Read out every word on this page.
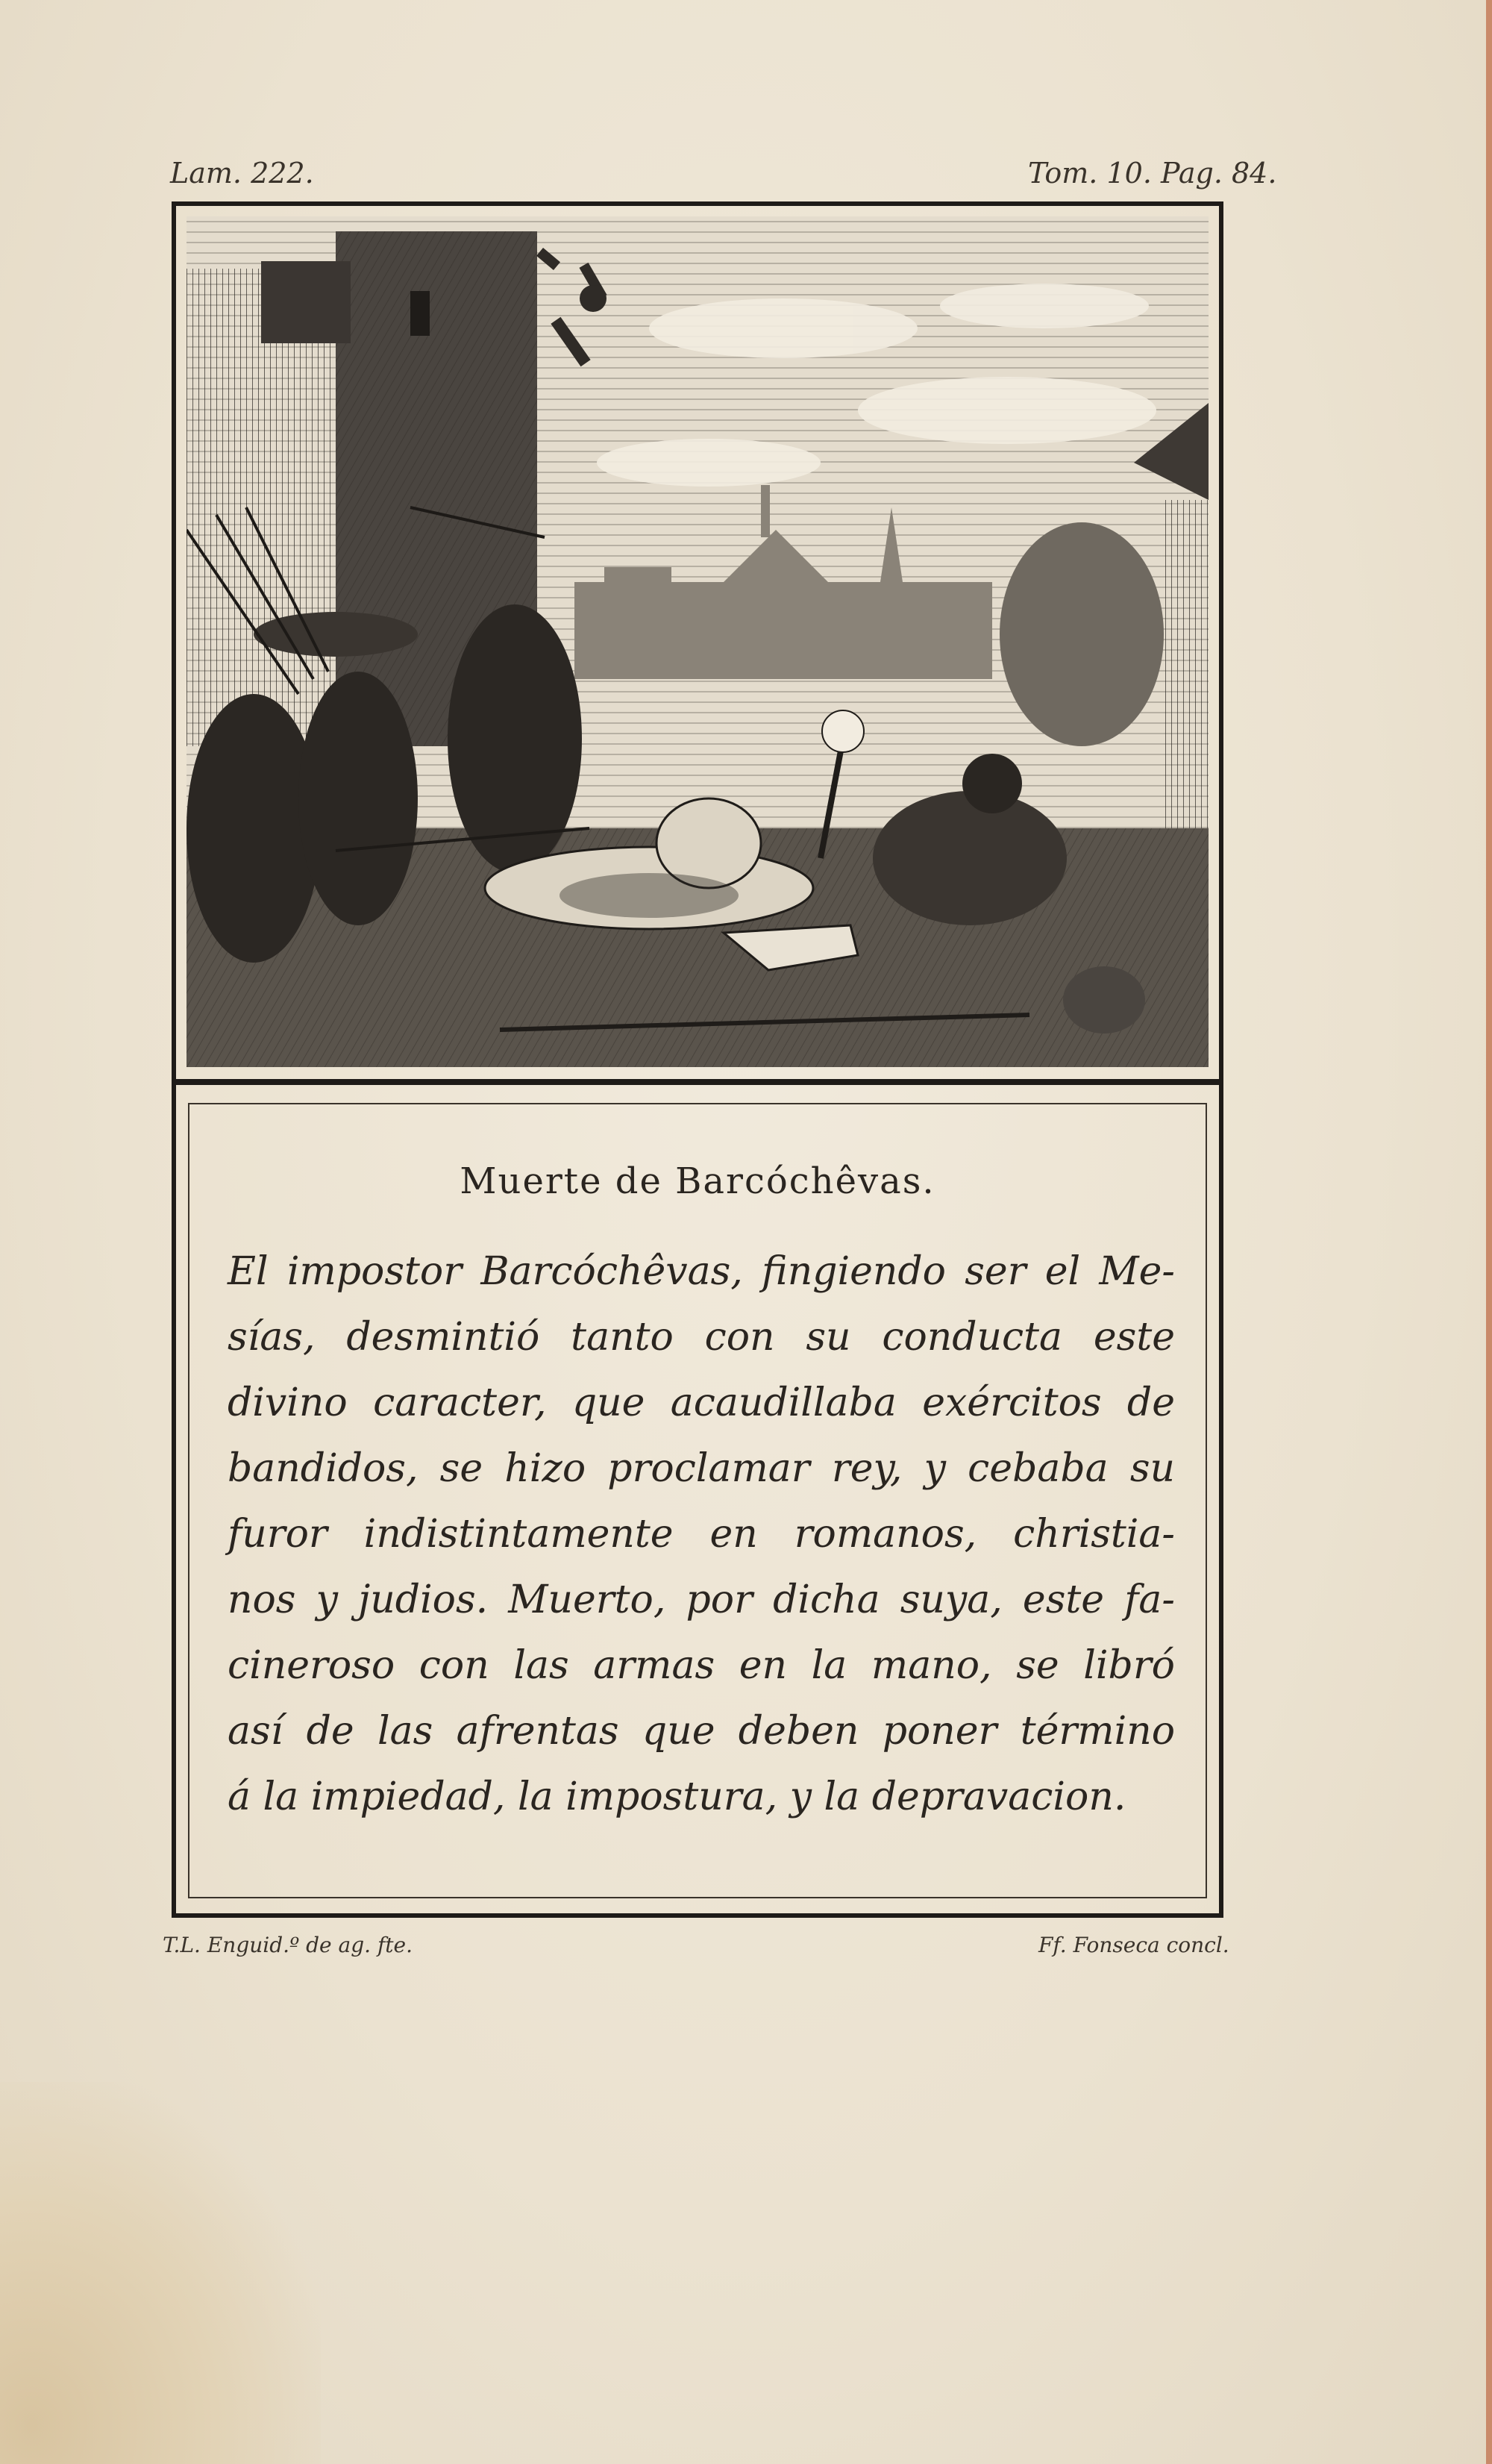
Lam. 222.	Tom. 10. Pag. 84.
Muerte de Barcóchêvas.
El impostor Barcóchêvas, fingiendo ser el Me-
sías, desmintió tanto con su conducta este
divino caracter, que acaudillaba exércitos de
bandidos, se hizo proclamar rey, y cebaba su
furor indistintamente en romanos, christia-
nos y judios. Muerto, por dicha suya, este fa-
cineroso con las armas en la mano, se libró
así de las afrentas que deben poner término
á la impiedad, la impostura, y la depravacion.
T.L. Enguid.º de ag. fte.	Ff. Fonseca concl.
